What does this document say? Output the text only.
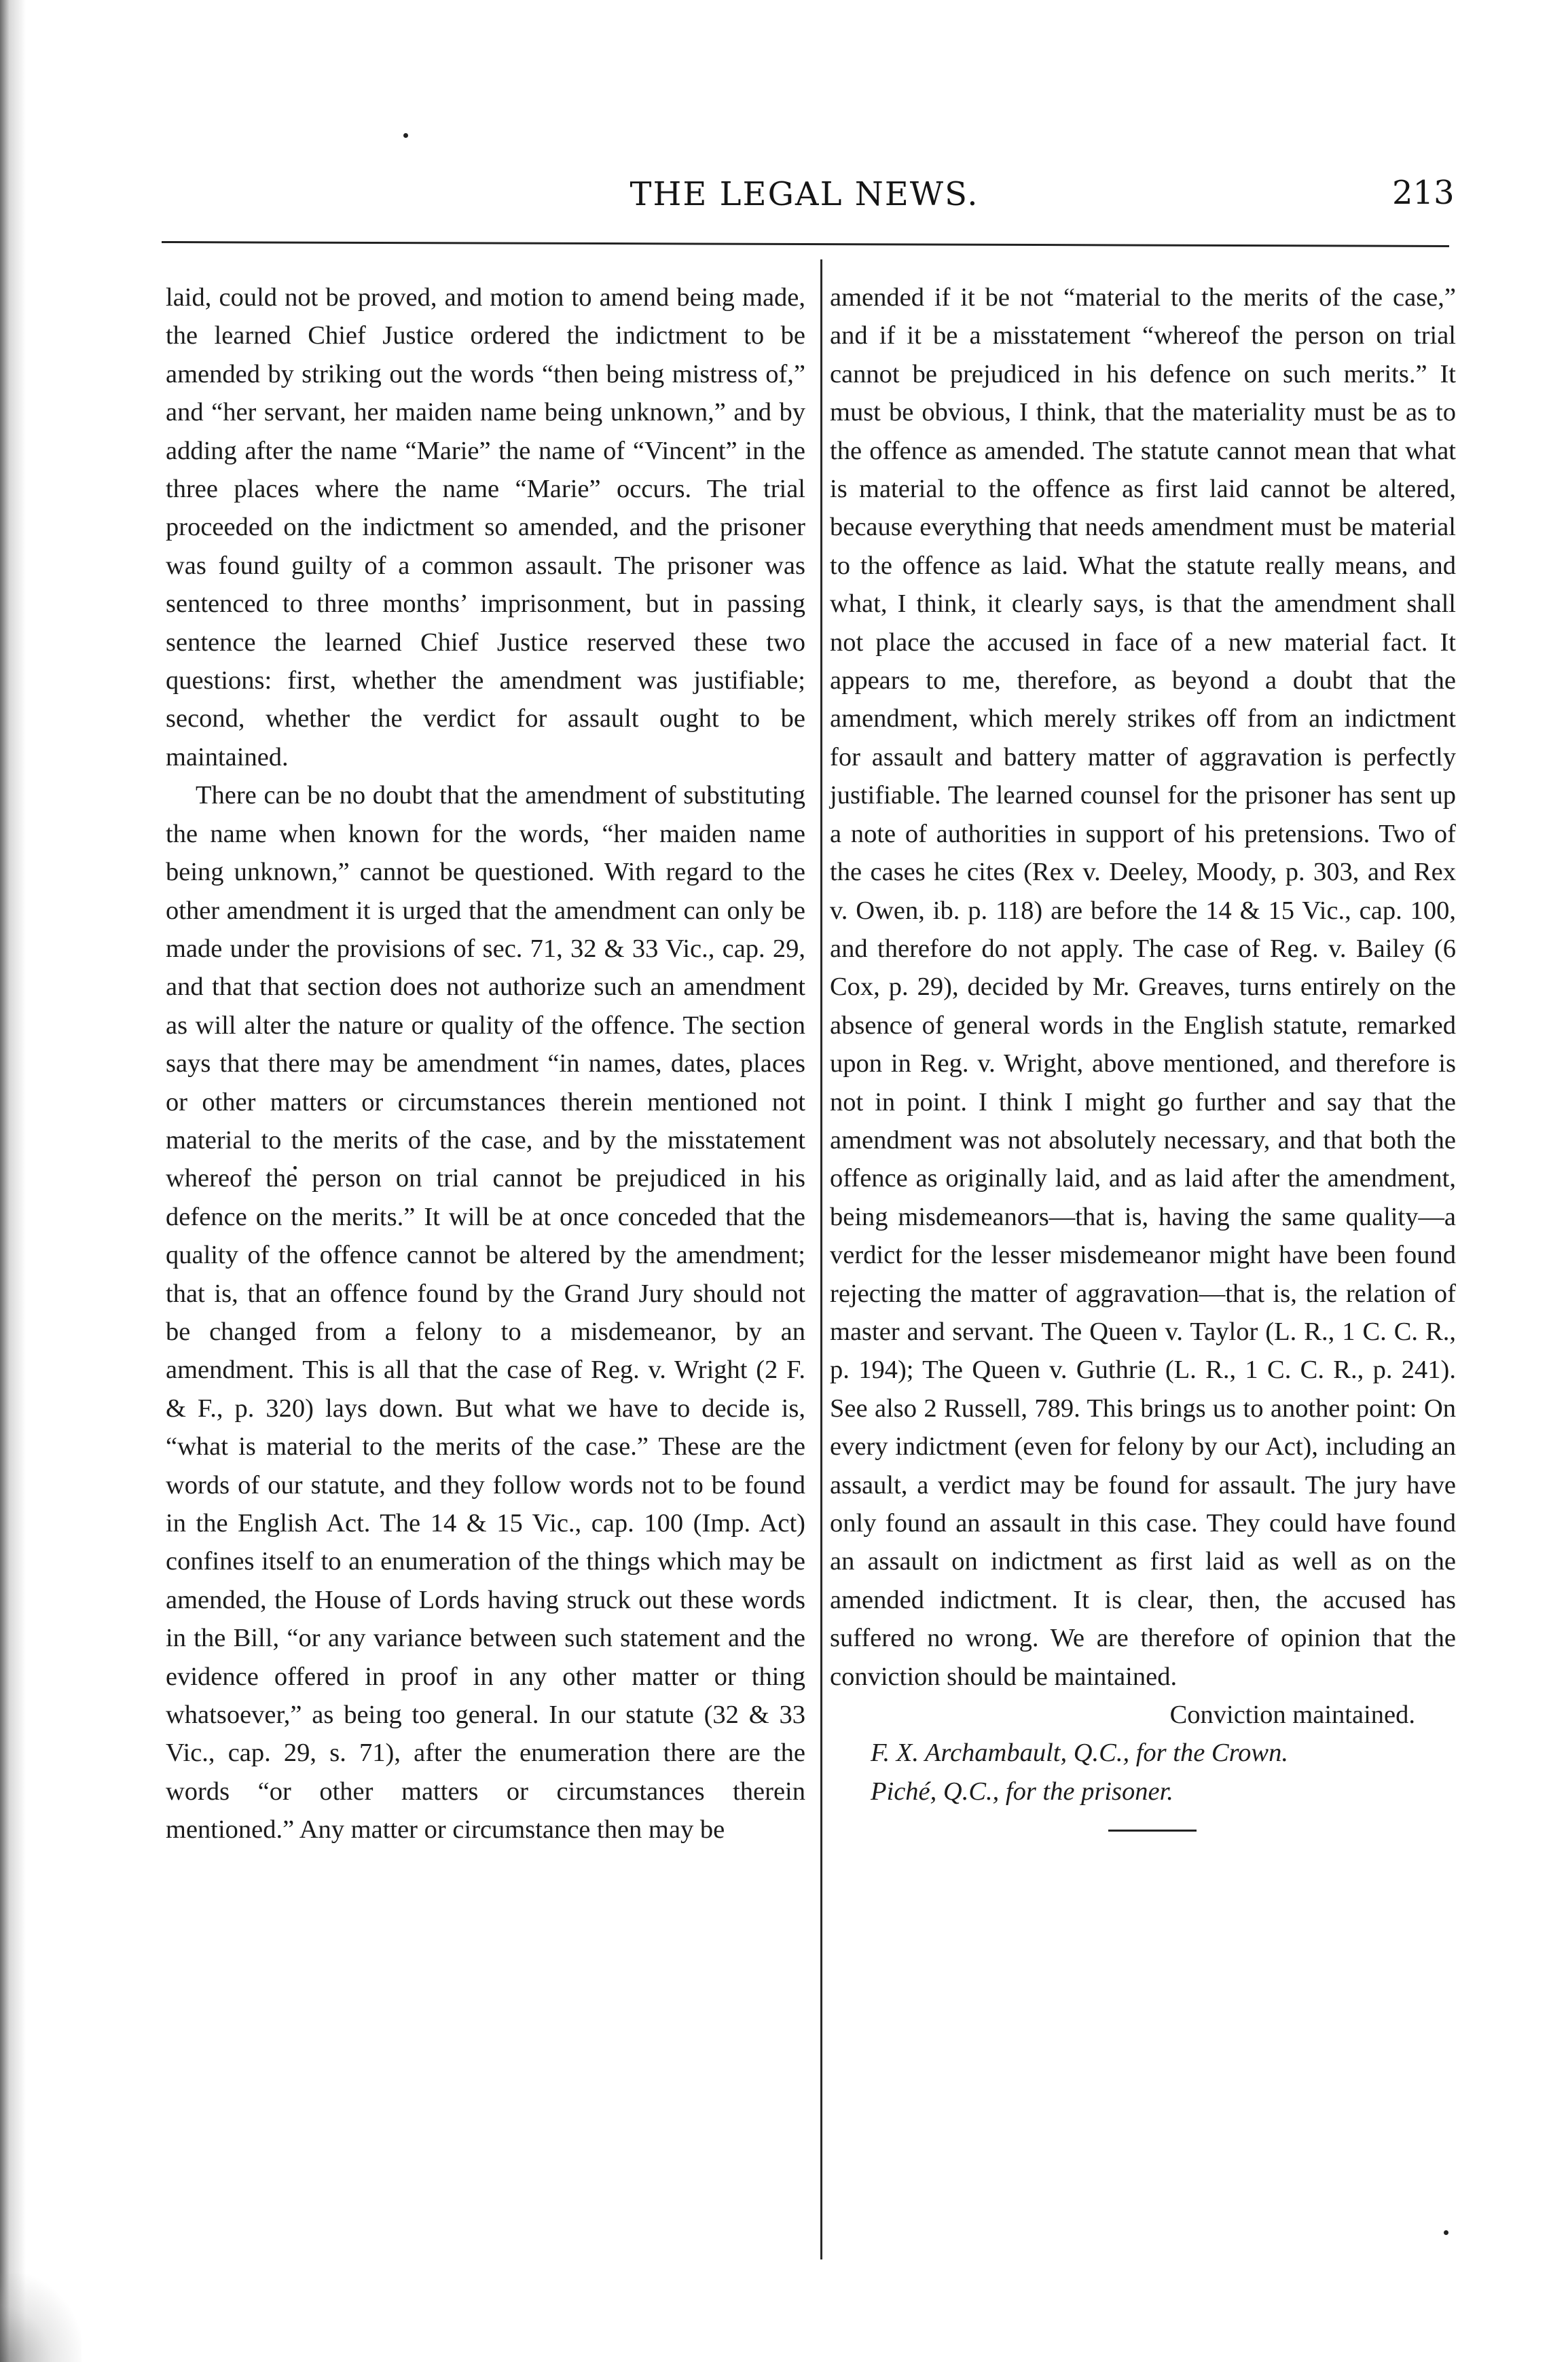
THE LEGAL NEWS.	213

laid, could not be proved, and motion to amend being made, the learned Chief Justice ordered the indictment to be amended by striking out the words “then being mistress of,” and “her servant, her maiden name being unknown,” and by adding after the name “Marie” the name of “Vincent” in the three places where the name “Marie” occurs. The trial proceeded on the indictment so amended, and the prisoner was found guilty of a common assault. The prisoner was sentenced to three months’ imprisonment, but in passing sentence the learned Chief Justice reserved these two questions: first, whether the amendment was justifiable; second, whether the verdict for assault ought to be maintained.

There can be no doubt that the amendment of substituting the name when known for the words, “her maiden name being unknown,” cannot be questioned. With regard to the other amendment it is urged that the amendment can only be made under the provisions of sec. 71, 32 & 33 Vic., cap. 29, and that that section does not authorize such an amendment as will alter the nature or quality of the offence. The section says that there may be amendment “in names, dates, places or other matters or circumstances therein mentioned not material to the merits of the case, and by the misstatement whereof the person on trial cannot be prejudiced in his defence on the merits.” It will be at once conceded that the quality of the offence cannot be altered by the amendment; that is, that an offence found by the Grand Jury should not be changed from a felony to a misdemeanor, by an amendment. This is all that the case of Reg. v. Wright (2 F. & F., p. 320) lays down. But what we have to decide is, “what is material to the merits of the case.” These are the words of our statute, and they follow words not to be found in the English Act. The 14 & 15 Vic., cap. 100 (Imp. Act) confines itself to an enumeration of the things which may be amended, the House of Lords having struck out these words in the Bill, “or any variance between such statement and the evidence offered in proof in any other matter or thing whatsoever,” as being too general. In our statute (32 & 33 Vic., cap. 29, s. 71), after the enumeration there are the words “or other matters or circumstances therein mentioned.” Any matter or circumstance then may be

amended if it be not “material to the merits of the case,” and if it be a misstatement “whereof the person on trial cannot be prejudiced in his defence on such merits.” It must be obvious, I think, that the materiality must be as to the offence as amended. The statute cannot mean that what is material to the offence as first laid cannot be altered, because everything that needs amendment must be material to the offence as laid. What the statute really means, and what, I think, it clearly says, is that the amendment shall not place the accused in face of a new material fact. It appears to me, therefore, as beyond a doubt that the amendment, which merely strikes off from an indictment for assault and battery matter of aggravation is perfectly justifiable. The learned counsel for the prisoner has sent up a note of authorities in support of his pretensions. Two of the cases he cites (Rex v. Deeley, Moody, p. 303, and Rex v. Owen, ib. p. 118) are before the 14 & 15 Vic., cap. 100, and therefore do not apply. The case of Reg. v. Bailey (6 Cox, p. 29), decided by Mr. Greaves, turns entirely on the absence of general words in the English statute, remarked upon in Reg. v. Wright, above mentioned, and therefore is not in point. I think I might go further and say that the amendment was not absolutely necessary, and that both the offence as originally laid, and as laid after the amendment, being misdemeanors—that is, having the same quality—a verdict for the lesser misdemeanor might have been found rejecting the matter of aggravation—that is, the relation of master and servant. The Queen v. Taylor (L. R., 1 C. C. R., p. 194); The Queen v. Guthrie (L. R., 1 C. C. R., p. 241). See also 2 Russell, 789. This brings us to another point: On every indictment (even for felony by our Act), including an assault, a verdict may be found for assault. The jury have only found an assault in this case. They could have found an assault on indictment as first laid as well as on the amended indictment. It is clear, then, the accused has suffered no wrong. We are therefore of opinion that the conviction should be maintained.

Conviction maintained.

F. X. Archambault, Q.C., for the Crown.

Piché, Q.C., for the prisoner.
